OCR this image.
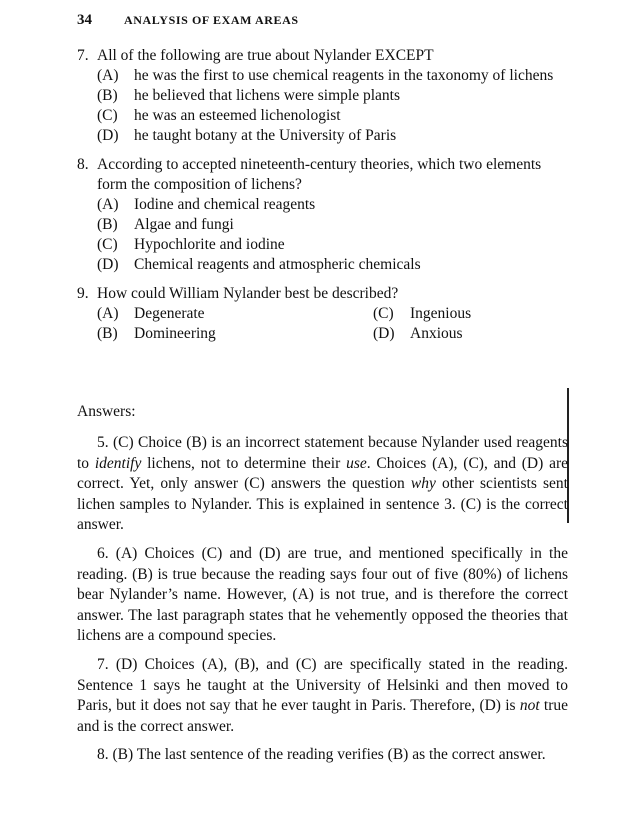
34	ANALYSIS OF EXAM AREAS
7. All of the following are true about Nylander EXCEPT
(A) he was the first to use chemical reagents in the taxonomy of lichens
(B)	he believed that lichens were simple plants
(C)	he was an esteemed lichenologist
(D) he taught botany at the University of Paris
8. According to accepted nineteenth-century theories, which two elements form the composition of lichens?
(A) Iodine and chemical reagents
(B)	Algae and fungi
(C)	Hypochlorite and iodine
(D) Chemical reagents and atmospheric chemicals
9. How could William Nylander best be described?
(A) Degenerate	(C)	Ingenious
(B)	Domineering	(D) Anxious
Answers:

5. (C) Choice (B) is an incorrect statement because Nylander used reagents to identify lichens, not to determine their use. Choices (A), (C), and (D) are correct. Yet, only answer (C) answers the question why other scientists sent lichen samples to Nylander. This is explained in sentence 3. (C) is the correct answer.

6. (A) Choices (C) and (D) are true, and mentioned specifically in the reading. (B) is true because the reading says four out of five (80%) of lichens bear Nylander’s name. However, (A) is not true, and is therefore the correct answer. The last paragraph states that he vehemently opposed the theories that lichens are a compound species.

7. (D) Choices (A), (B), and (C) are specifically stated in the reading. Sentence 1 says he taught at the University of Helsinki and then moved to Paris, but it does not say that he ever taught in Paris. Therefore, (D) is not true and is the correct answer.

8. (B) The last sentence of the reading verifies (B) as the correct answer.
